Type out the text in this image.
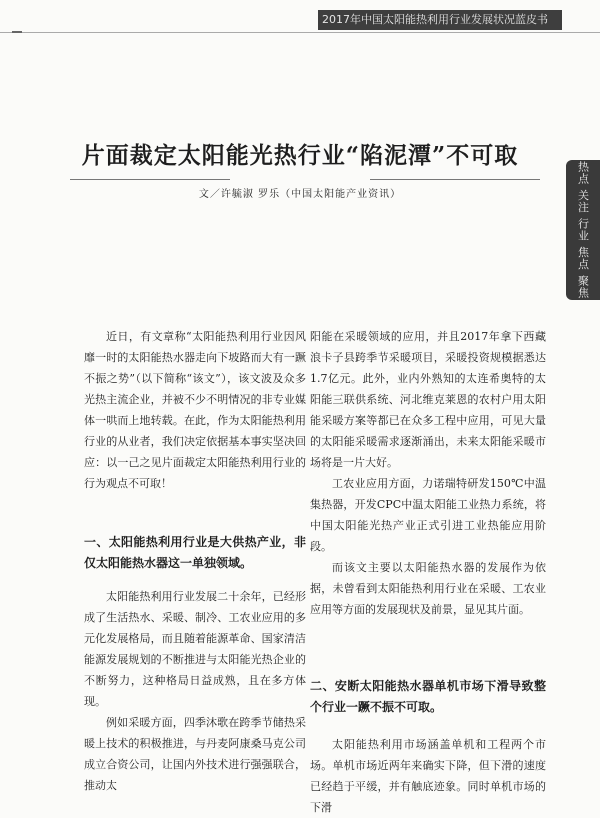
2017年中国太阳能热利用行业发展状况蓝皮书
热点 关注 行业 焦点 聚焦
片面裁定太阳能光热行业“陷泥潭”不可取
文／许毓淑 罗乐（中国太阳能产业资讯）

近日，有文章称“太阳能热利用行业因风靡一时的太阳能热水器走向下坡路而大有一蹶不振之势”（以下简称“该文”），该文波及众多光热主流企业，并被不少不明情况的非专业媒体一哄而上地转载。在此，作为太阳能热利用行业的从业者，我们决定依据基本事实坚决回应：以一己之见片面裁定太阳能热利用行业的行为观点不可取！

一、太阳能热利用行业是大供热产业，非仅太阳能热水器这一单独领域。

太阳能热利用行业发展二十余年，已经形成了生活热水、采暖、制冷、工农业应用的多元化发展格局，而且随着能源革命、国家清洁能源发展规划的不断推进与太阳能光热企业的不断努力，这种格局日益成熟，且在多方体现。

例如采暖方面，四季沐歌在跨季节储热采暖上技术的积极推进，与丹麦阿康桑马克公司成立合资公司，让国内外技术进行强强联合，推动太

阳能在采暖领域的应用，并且2017年拿下西藏浪卡子县跨季节采暖项目，采暖投资规模据悉达1.7亿元。此外，业内外熟知的太连希奥特的太阳能三联供系统、河北维克莱恩的农村户用太阳能采暖方案等都已在众多工程中应用，可见大量的太阳能采暖需求逐渐涌出，未来太阳能采暖市场将是一片大好。

工农业应用方面，力诺瑞特研发150℃中温集热器，开发CPC中温太阳能工业热力系统，将中国太阳能光热产业正式引进工业热能应用阶段。

而该文主要以太阳能热水器的发展作为依据，未曾看到太阳能热利用行业在采暖、工农业应用等方面的发展现状及前景，显见其片面。

二、安断太阳能热水器单机市场下滑导致整个行业一蹶不振不可取。

太阳能热利用市场涵盖单机和工程两个市场。单机市场近两年来确实下降，但下滑的速度已经趋于平缓，并有触底迹象。同时单机市场的下滑
